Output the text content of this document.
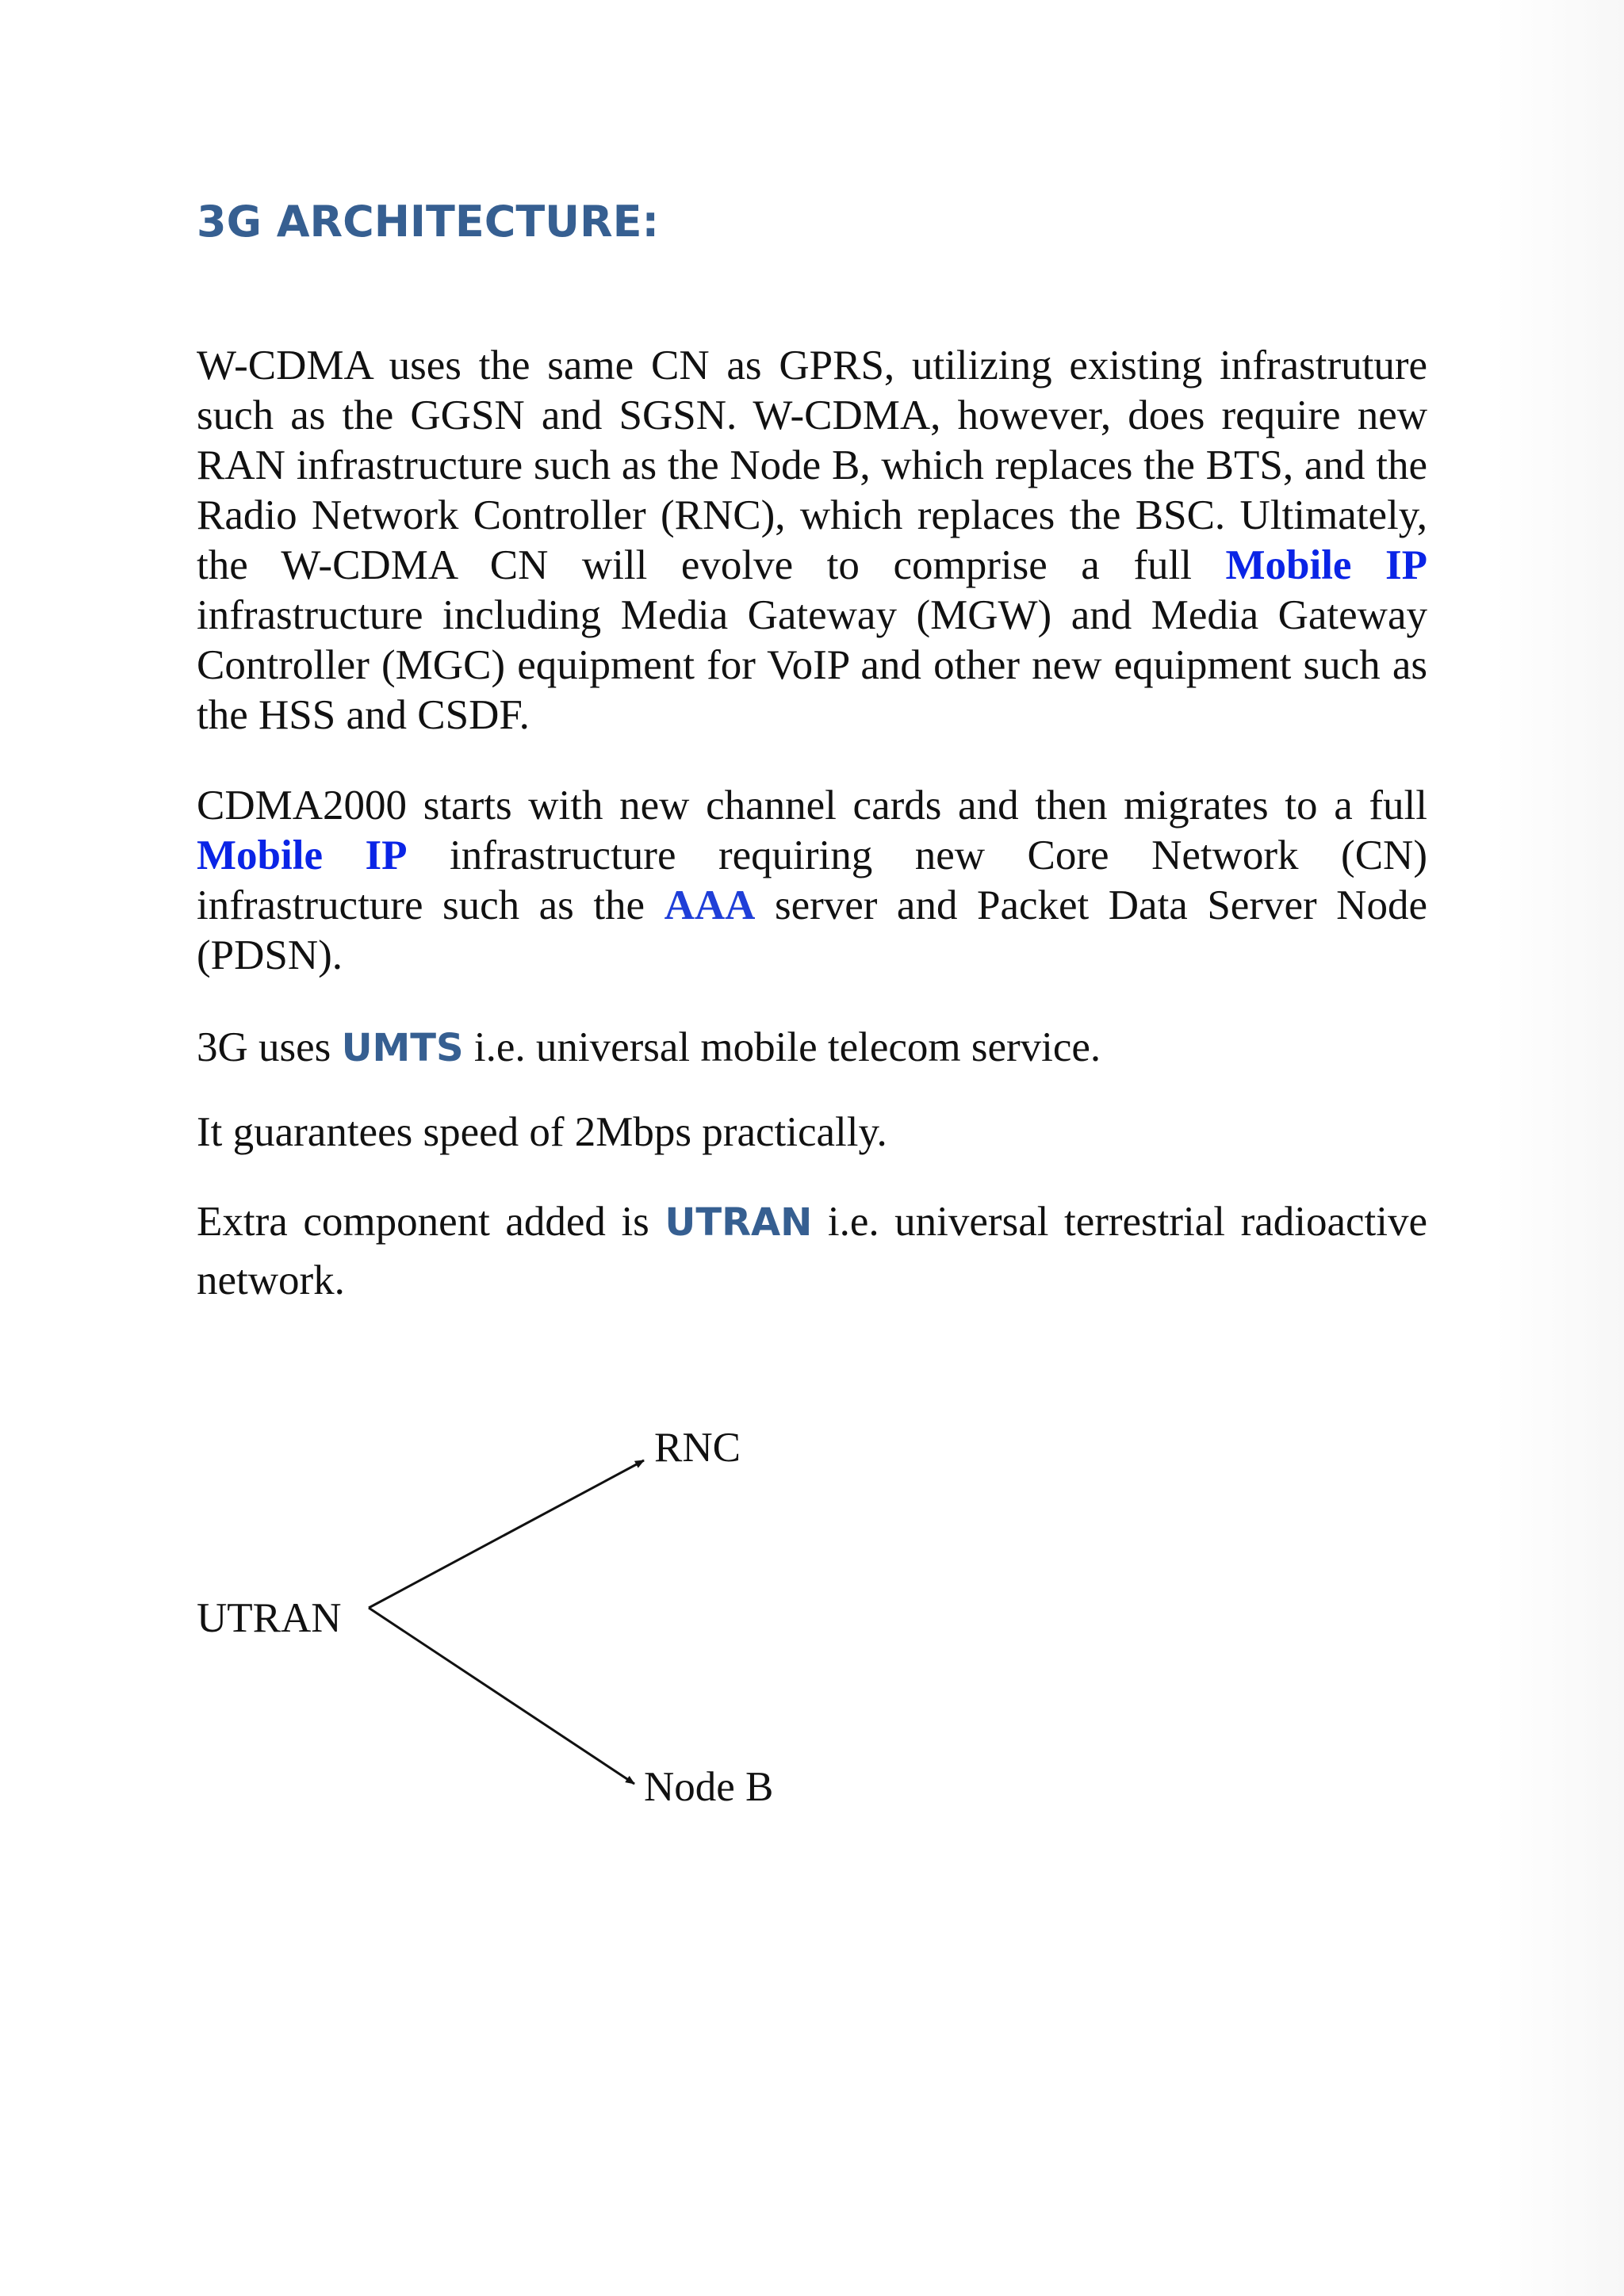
3G ARCHITECTURE:

W-CDMA uses the same CN as GPRS, utilizing existing infrastruture such as the GGSN and SGSN. W-CDMA, however, does require new RAN infrastructure such as the Node B, which replaces the BTS, and the Radio Network Controller (RNC), which replaces the BSC. Ultimately, the W-CDMA CN will evolve to comprise a full Mobile IP infrastructure including Media Gateway (MGW) and Media Gateway Controller (MGC) equipment for VoIP and other new equipment such as the HSS and CSDF.

CDMA2000 starts with new channel cards and then migrates to a full Mobile IP infrastructure requiring new Core Network (CN) infrastructure such as the AAA server and Packet Data Server Node (PDSN).

3G uses UMTS i.e. universal mobile telecom service.

It guarantees speed of 2Mbps practically.

Extra component added is UTRAN i.e. universal terrestrial radioactive network.

RNC
UTRAN
Node B
